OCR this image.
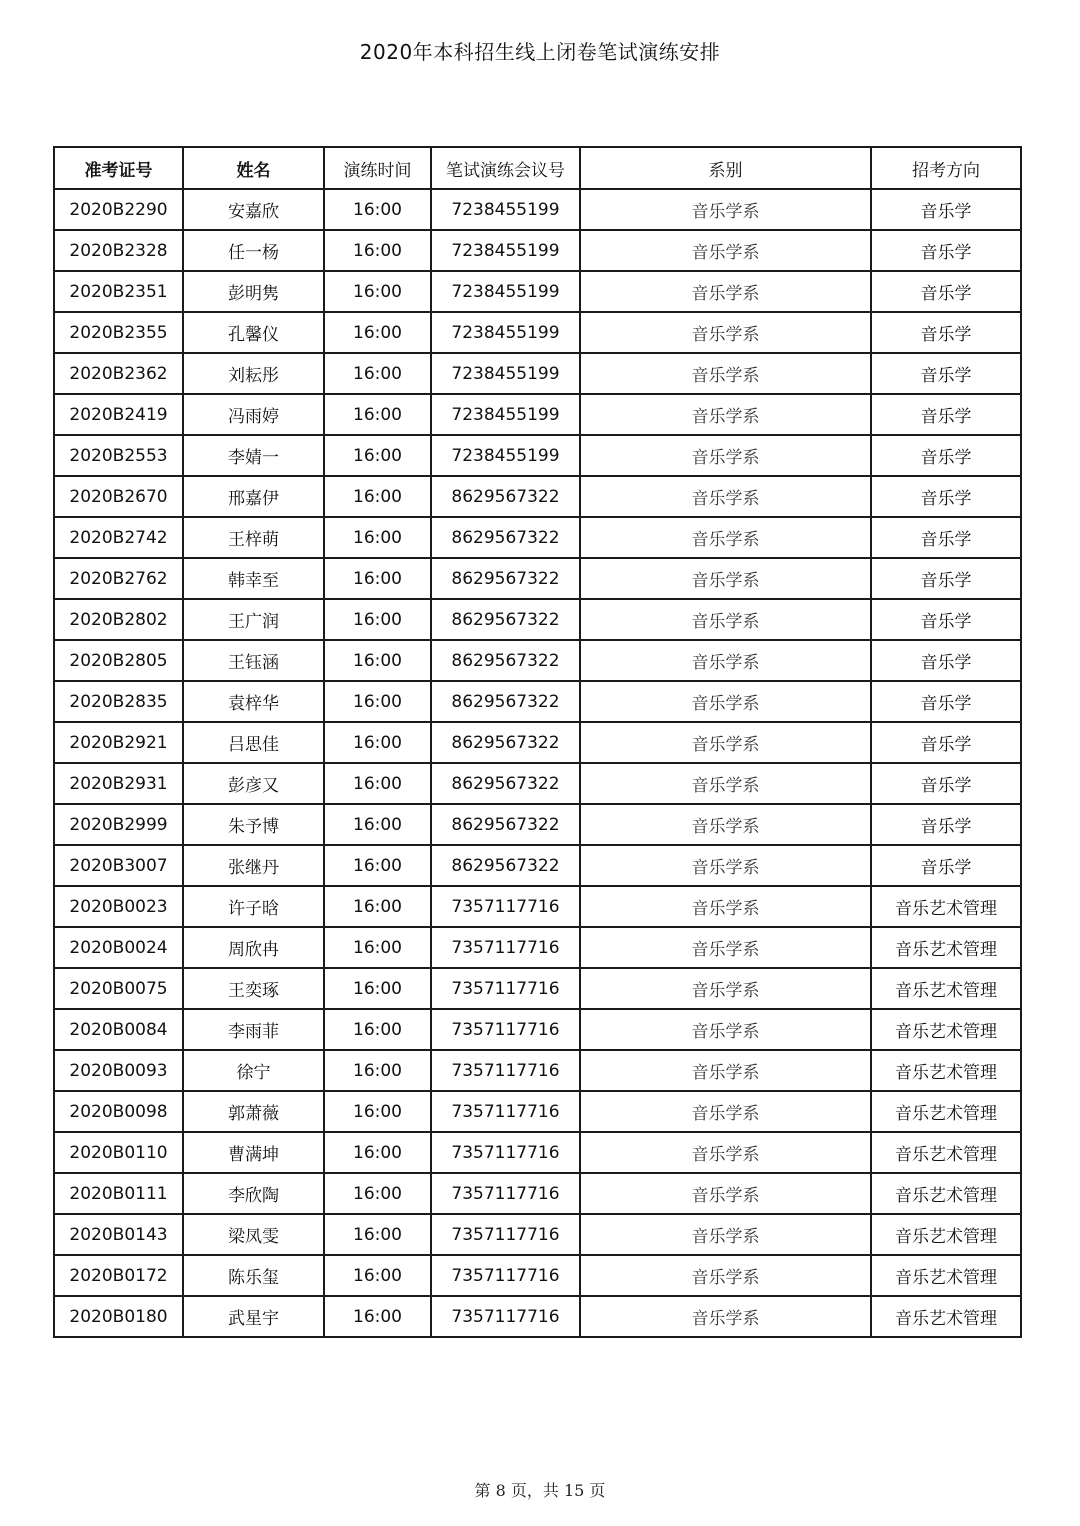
2020年本科招生线上闭卷笔试演练安排
准考证号	姓名	演练时间	笔试演练会议号	系别	招考方向
2020B2290	安嘉欣	16:00	7238455199	音乐学系	音乐学
2020B2328	任一杨	16:00	7238455199	音乐学系	音乐学
2020B2351	彭明隽	16:00	7238455199	音乐学系	音乐学
2020B2355	孔馨仪	16:00	7238455199	音乐学系	音乐学
2020B2362	刘耘彤	16:00	7238455199	音乐学系	音乐学
2020B2419	冯雨婷	16:00	7238455199	音乐学系	音乐学
2020B2553	李婧一	16:00	7238455199	音乐学系	音乐学
2020B2670	邢嘉伊	16:00	8629567322	音乐学系	音乐学
2020B2742	王梓萌	16:00	8629567322	音乐学系	音乐学
2020B2762	韩幸至	16:00	8629567322	音乐学系	音乐学
2020B2802	王广润	16:00	8629567322	音乐学系	音乐学
2020B2805	王钰涵	16:00	8629567322	音乐学系	音乐学
2020B2835	袁梓华	16:00	8629567322	音乐学系	音乐学
2020B2921	吕思佳	16:00	8629567322	音乐学系	音乐学
2020B2931	彭彦又	16:00	8629567322	音乐学系	音乐学
2020B2999	朱予博	16:00	8629567322	音乐学系	音乐学
2020B3007	张继丹	16:00	8629567322	音乐学系	音乐学
2020B0023	许子晗	16:00	7357117716	音乐学系	音乐艺术管理
2020B0024	周欣冉	16:00	7357117716	音乐学系	音乐艺术管理
2020B0075	王奕琢	16:00	7357117716	音乐学系	音乐艺术管理
2020B0084	李雨菲	16:00	7357117716	音乐学系	音乐艺术管理
2020B0093	徐宁	16:00	7357117716	音乐学系	音乐艺术管理
2020B0098	郭萧薇	16:00	7357117716	音乐学系	音乐艺术管理
2020B0110	曹满坤	16:00	7357117716	音乐学系	音乐艺术管理
2020B0111	李欣陶	16:00	7357117716	音乐学系	音乐艺术管理
2020B0143	梁凤雯	16:00	7357117716	音乐学系	音乐艺术管理
2020B0172	陈乐玺	16:00	7357117716	音乐学系	音乐艺术管理
2020B0180	武星宇	16:00	7357117716	音乐学系	音乐艺术管理
第 8 页，共 15 页
